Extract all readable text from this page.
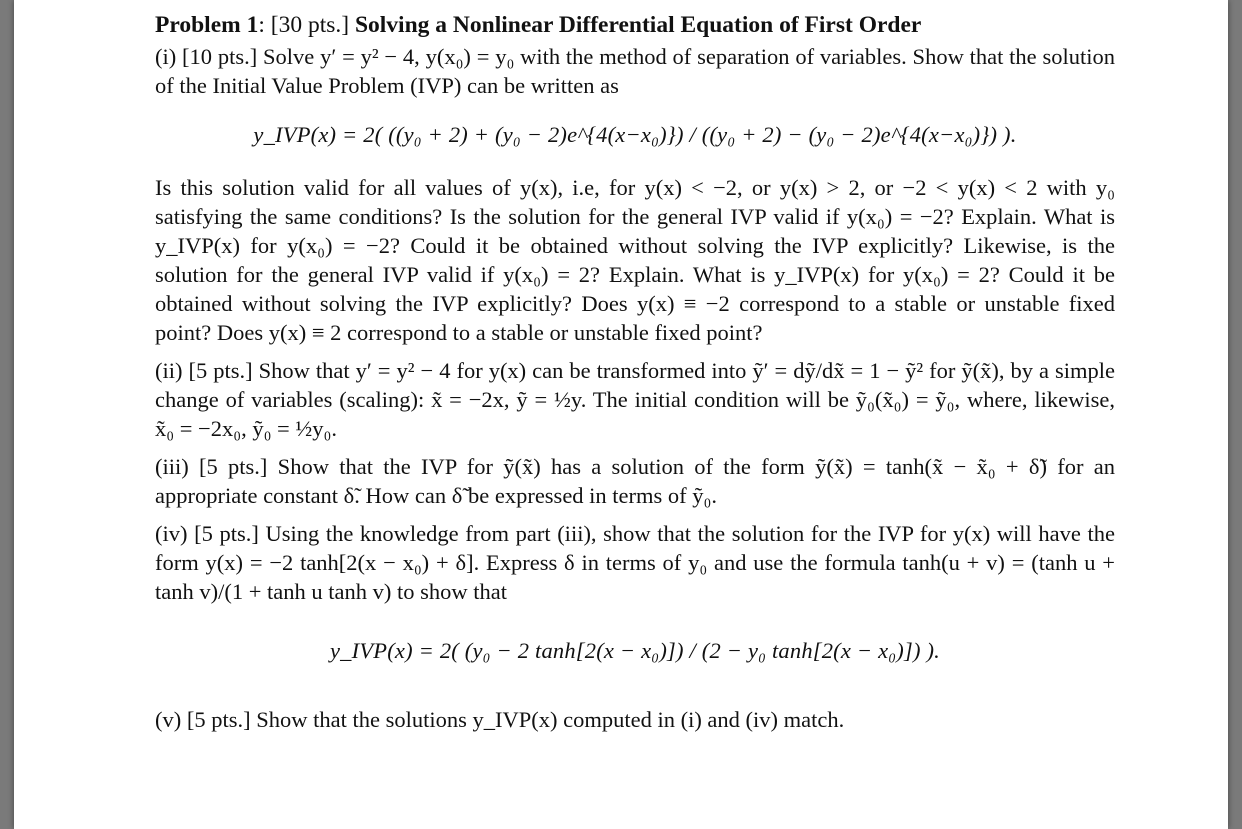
Problem 1: [30 pts.] Solving a Nonlinear Differential Equation of First Order

(i) [10 pts.] Solve y′ = y² − 4, y(x₀) = y₀ with the method of separation of variables. Show that the solution of the Initial Value Problem (IVP) can be written as

y_IVP(x) = 2( ((y₀ + 2) + (y₀ − 2)e^{4(x−x₀)}) / ((y₀ + 2) − (y₀ − 2)e^{4(x−x₀)}) ).

Is this solution valid for all values of y(x), i.e, for y(x) < −2, or y(x) > 2, or −2 < y(x) < 2 with y₀ satisfying the same conditions? Is the solution for the general IVP valid if y(x₀) = −2? Explain. What is y_IVP(x) for y(x₀) = −2? Could it be obtained without solving the IVP explicitly? Likewise, is the solution for the general IVP valid if y(x₀) = 2? Explain. What is y_IVP(x) for y(x₀) = 2? Could it be obtained without solving the IVP explicitly? Does y(x) ≡ −2 correspond to a stable or unstable fixed point? Does y(x) ≡ 2 correspond to a stable or unstable fixed point?

(ii) [5 pts.] Show that y′ = y² − 4 for y(x) can be transformed into ỹ′ = dỹ/dx̃ = 1 − ỹ² for ỹ(x̃), by a simple change of variables (scaling): x̃ = −2x, ỹ = ½y. The initial condition will be ỹ₀(x̃₀) = ỹ₀, where, likewise, x̃₀ = −2x₀, ỹ₀ = ½y₀.

(iii) [5 pts.] Show that the IVP for ỹ(x̃) has a solution of the form ỹ(x̃) = tanh(x̃ − x̃₀ + δ̃) for an appropriate constant δ̃. How can δ̃ be expressed in terms of ỹ₀.

(iv) [5 pts.] Using the knowledge from part (iii), show that the solution for the IVP for y(x) will have the form y(x) = −2 tanh[2(x − x₀) + δ]. Express δ in terms of y₀ and use the formula tanh(u + v) = (tanh u + tanh v)/(1 + tanh u tanh v) to show that

y_IVP(x) = 2( (y₀ − 2 tanh[2(x − x₀)]) / (2 − y₀ tanh[2(x − x₀)]) ).

(v) [5 pts.] Show that the solutions y_IVP(x) computed in (i) and (iv) match.
